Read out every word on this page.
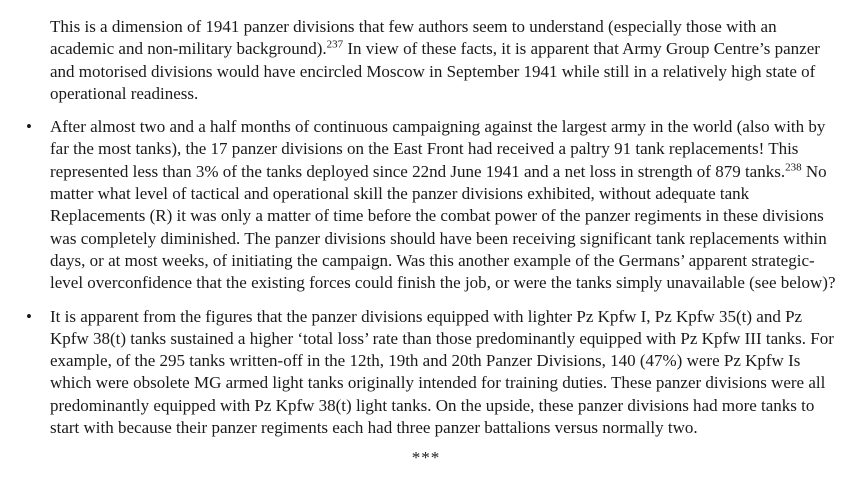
This is a dimension of 1941 panzer divisions that few authors seem to understand (especially those with an academic and non-military background).$^{237}$ In view of these facts, it is apparent that Army Group Centre’s panzer and motorised divisions would have encircled Moscow in September 1941 while still in a relatively high state of operational readiness.

•	After almost two and a half months of continuous campaigning against the largest army in the world (also with by far the most tanks), the 17 panzer divisions on the East Front had received a paltry 91 tank replacements! This represented less than 3% of the tanks deployed since 22nd June 1941 and a net loss in strength of 879 tanks.$^{238}$ No matter what level of tactical and operational skill the panzer divisions exhibited, without adequate tank Replacements (R) it was only a matter of time before the combat power of the panzer regiments in these divisions was completely diminished. The panzer divisions should have been receiving significant tank replacements within days, or at most weeks, of initiating the campaign. Was this another example of the Germans’ apparent strategic-level overconfidence that the existing forces could finish the job, or were the tanks simply unavailable (see below)?
•	It is apparent from the figures that the panzer divisions equipped with lighter Pz Kpfw I, Pz Kpfw 35(t) and Pz Kpfw 38(t) tanks sustained a higher ‘total loss’ rate than those predominantly equipped with Pz Kpfw III tanks. For example, of the 295 tanks written-off in the 12th, 19th and 20th Panzer Divisions, 140 (47%) were Pz Kpfw Is which were obsolete MG armed light tanks originally intended for training duties. These panzer divisions were all predominantly equipped with Pz Kpfw 38(t) light tanks. On the upside, these panzer divisions had more tanks to start with because their panzer regiments each had three panzer battalions versus normally two.
***
